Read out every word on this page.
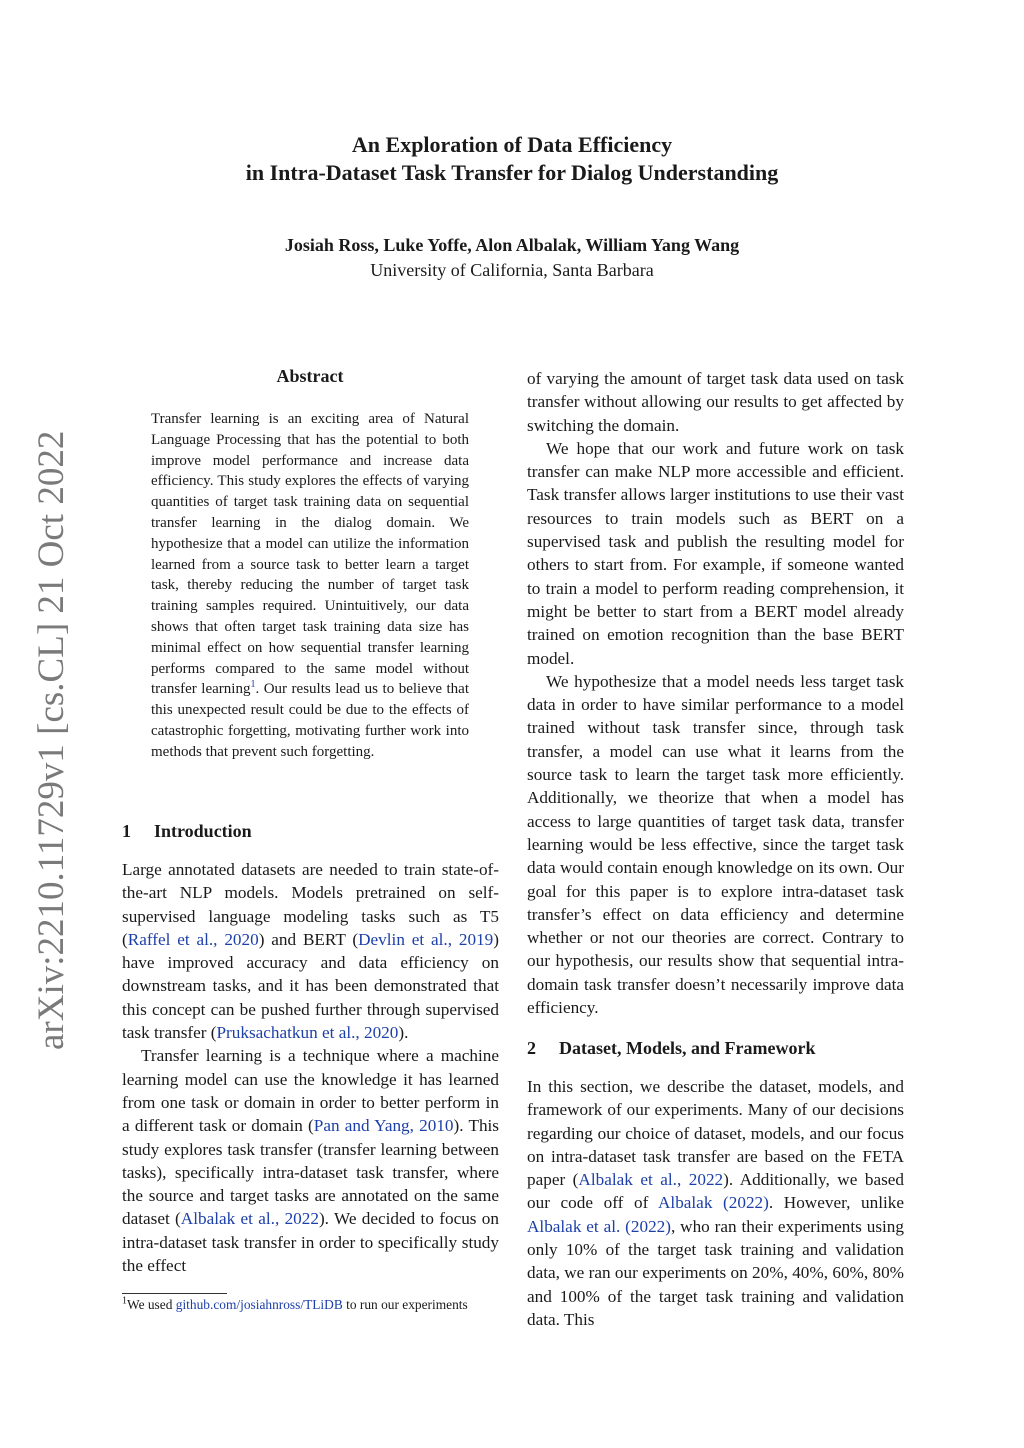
An Exploration of Data Efficiency
in Intra-Dataset Task Transfer for Dialog Understanding
Josiah Ross, Luke Yoffe, Alon Albalak, William Yang Wang
University of California, Santa Barbara
arXiv:2210.11729v1 [cs.CL] 21 Oct 2022
Abstract
Transfer learning is an exciting area of Natural Language Processing that has the potential to both improve model performance and increase data efficiency. This study explores the effects of varying quantities of target task training data on sequential transfer learning in the dialog domain. We hypothesize that a model can utilize the information learned from a source task to better learn a target task, thereby reducing the number of target task training samples required. Unintuitively, our data shows that often target task training data size has minimal effect on how sequential transfer learning performs compared to the same model without transfer learning$^1$. Our results lead us to believe that this unexpected result could be due to the effects of catastrophic forgetting, motivating further work into methods that prevent such forgetting.
1 Introduction

Large annotated datasets are needed to train state-of-the-art NLP models. Models pretrained on self-supervised language modeling tasks such as T5 (Raffel et al., 2020) and BERT (Devlin et al., 2019) have improved accuracy and data efficiency on downstream tasks, and it has been demonstrated that this concept can be pushed further through supervised task transfer (Pruksachatkun et al., 2020).

Transfer learning is a technique where a machine learning model can use the knowledge it has learned from one task or domain in order to better perform in a different task or domain (Pan and Yang, 2010). This study explores task transfer (transfer learning between tasks), specifically intra-dataset task transfer, where the source and target tasks are annotated on the same dataset (Albalak et al., 2022). We decided to focus on intra-dataset task transfer in order to specifically study the effect

$^1$We used github.com/josiahnross/TLiDB to run our experiments

of varying the amount of target task data used on task transfer without allowing our results to get affected by switching the domain.

We hope that our work and future work on task transfer can make NLP more accessible and efficient. Task transfer allows larger institutions to use their vast resources to train models such as BERT on a supervised task and publish the resulting model for others to start from. For example, if someone wanted to train a model to perform reading comprehension, it might be better to start from a BERT model already trained on emotion recognition than the base BERT model.

We hypothesize that a model needs less target task data in order to have similar performance to a model trained without task transfer since, through task transfer, a model can use what it learns from the source task to learn the target task more efficiently. Additionally, we theorize that when a model has access to large quantities of target task data, transfer learning would be less effective, since the target task data would contain enough knowledge on its own. Our goal for this paper is to explore intra-dataset task transfer’s effect on data efficiency and determine whether or not our theories are correct. Contrary to our hypothesis, our results show that sequential intra-domain task transfer doesn’t necessarily improve data efficiency.

2 Dataset, Models, and Framework

In this section, we describe the dataset, models, and framework of our experiments. Many of our decisions regarding our choice of dataset, models, and our focus on intra-dataset task transfer are based on the FETA paper (Albalak et al., 2022). Additionally, we based our code off of Albalak (2022). However, unlike Albalak et al. (2022), who ran their experiments using only 10% of the target task training and validation data, we ran our experiments on 20%, 40%, 60%, 80% and 100% of the target task training and validation data. This
